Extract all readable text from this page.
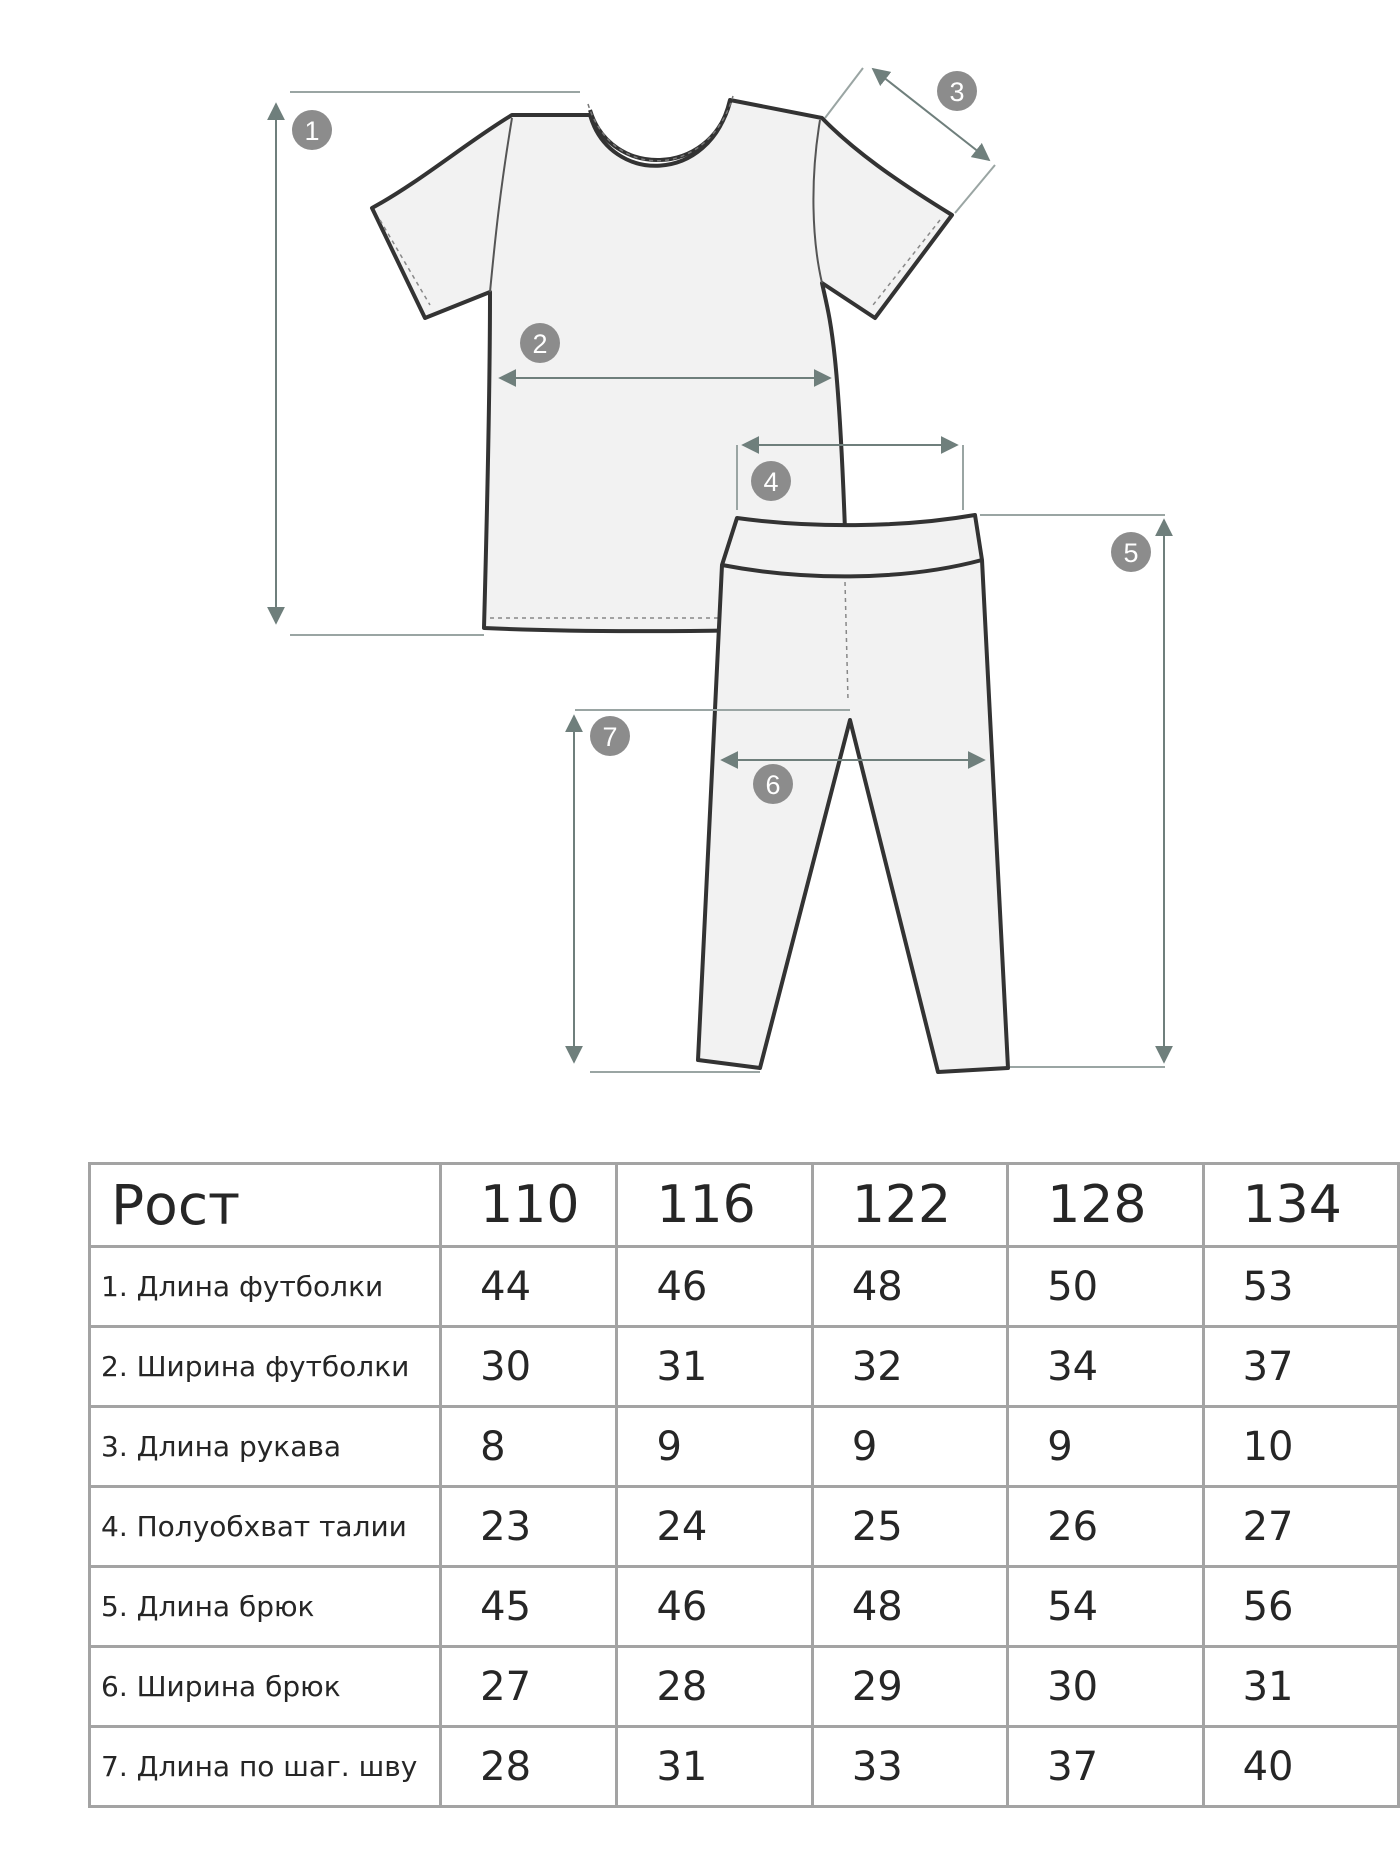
1
2
3
4
5
6
7
Рост	110	116	122	128	134
1. Длина футболки	44	46	48	50	53
2. Ширина футболки	30	31	32	34	37
3. Длина рукава	8	9	9	9	10
4. Полуобхват талии	23	24	25	26	27
5. Длина брюк	45	46	48	54	56
6. Ширина брюк	27	28	29	30	31
7. Длина по шаг. шву	28	31	33	37	40
